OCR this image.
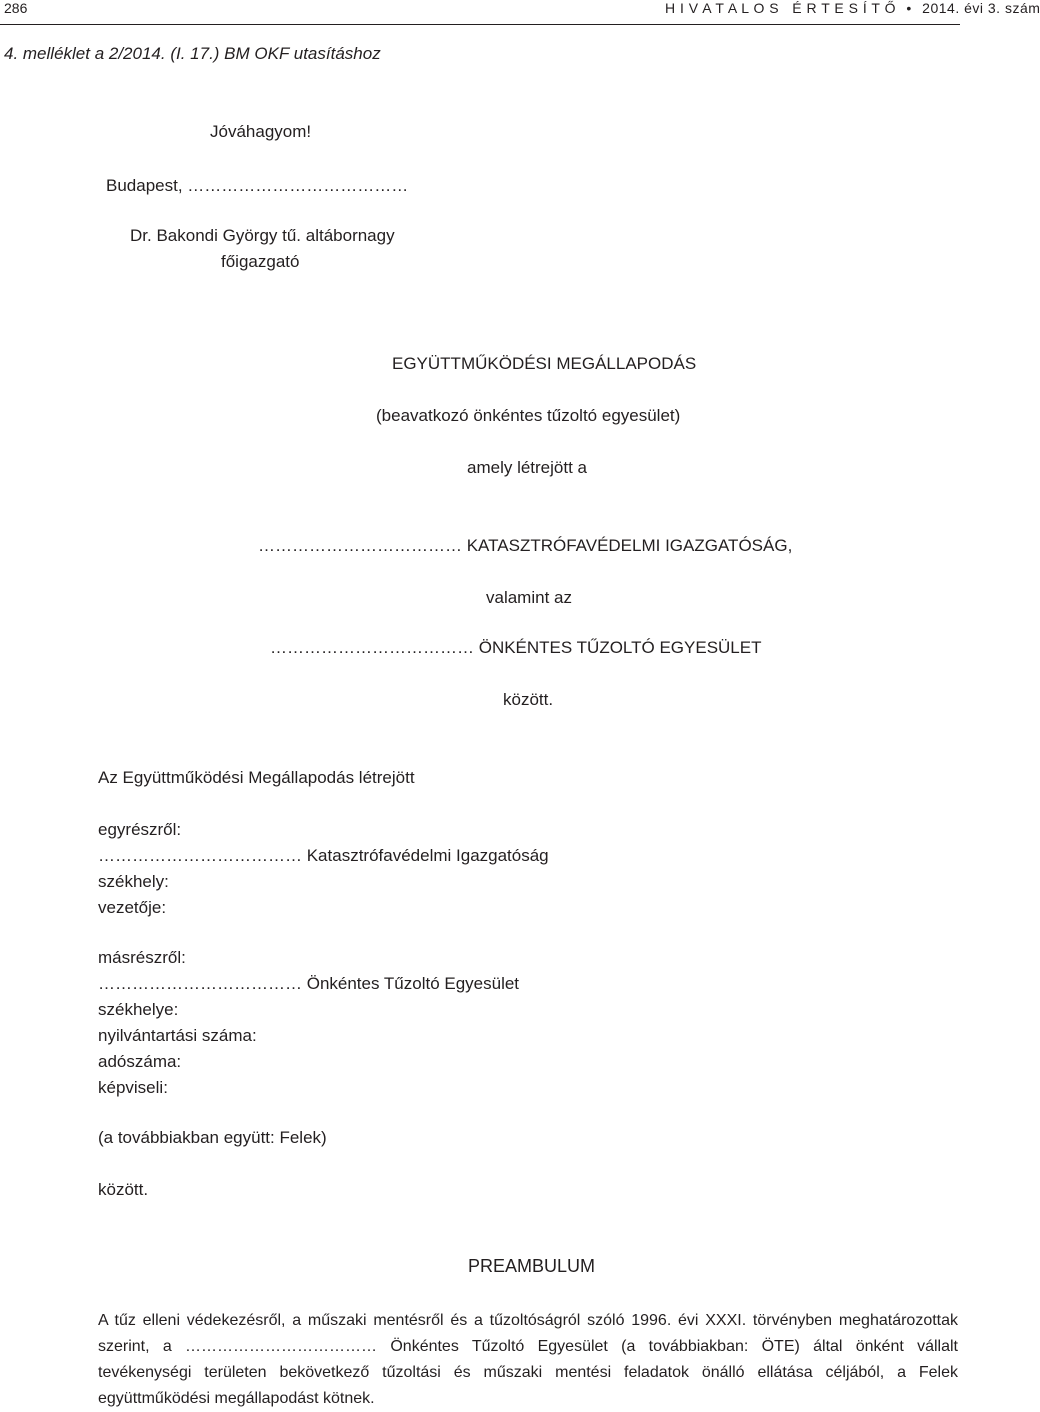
286	H I V A T A L O S   É R T E S Í T Ő • 2014. évi 3. szám
4. melléklet a 2/2014. (I. 17.) BM OKF utasításhoz
Jóváhagyom!
Budapest, …………………………………
Dr. Bakondi György tű. altábornagy
főigazgató
EGYÜTTMŰKÖDÉSI MEGÁLLAPODÁS
(beavatkozó önkéntes tűzoltó egyesület)
amely létrejött a
……………………………… KATASZTRÓFAVÉDELMI IGAZGATÓSÁG,
valamint az
……………………………… ÖNKÉNTES TŰZOLTÓ EGYESÜLET
között.
Az Együttműködési Megállapodás létrejött
egyrészről:
……………………………… Katasztrófavédelmi Igazgatóság
székhely:
vezetője:
másrészről:
……………………………… Önkéntes Tűzoltó Egyesület
székhelye:
nyilvántartási száma:
adószáma:
képviseli:
(a továbbiakban együtt: Felek)
között.
PREAMBULUM
A tűz elleni védekezésről, a műszaki mentésről és a tűzoltóságról szóló 1996. évi XXXI. törvényben meghatározottak szerint, a ……………………………… Önkéntes Tűzoltó Egyesület (a továbbiakban: ÖTE) által önként vállalt tevékenységi területen bekövetkező tűzoltási és műszaki mentési feladatok önálló ellátása céljából, a Felek együttműködési megállapodást kötnek.
